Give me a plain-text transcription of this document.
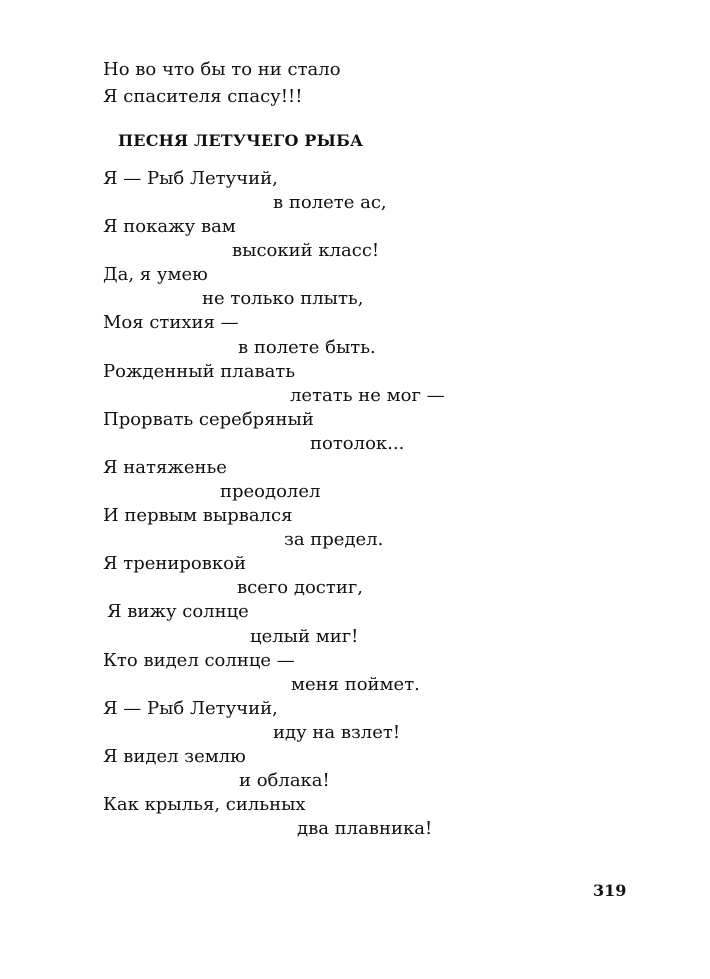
Но во что бы то ни стало
Я спасителя спасу!!!
ПЕСНЯ ЛЕТУЧЕГО РЫБА
Я — Рыб Летучий,
в полете ас,
Я покажу вам
высокий класс!
Да, я умею
не только плыть,
Моя стихия —
в полете быть.
Рожденный плавать
летать не мог —
Прорвать серебряный
потолок...
Я натяженье
преодолел
И первым вырвался
за предел.
Я тренировкой
всего достиг,
Я вижу солнце
целый миг!
Кто видел солнце —
меня поймет.
Я — Рыб Летучий,
иду на взлет!
Я видел землю
и облака!
Как крылья, сильных
два плавника!
319
